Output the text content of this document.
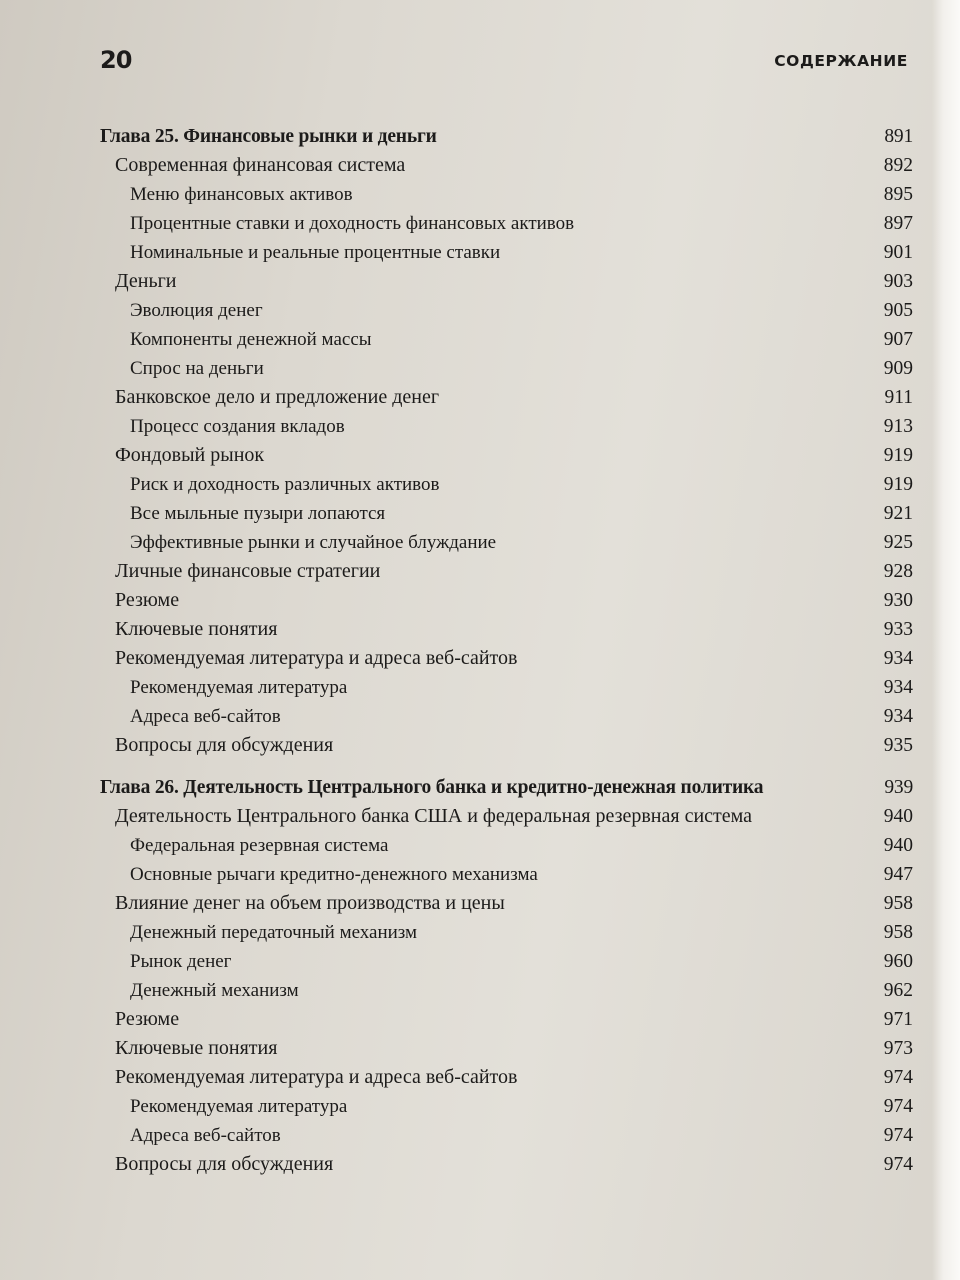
20	СОДЕРЖАНИЕ
Глава 25. Финансовые рынки и деньги	891
Современная финансовая система	892
Меню финансовых активов	895
Процентные ставки и доходность финансовых активов	897
Номинальные и реальные процентные ставки	901
Деньги	903
Эволюция денег	905
Компоненты денежной массы	907
Спрос на деньги	909
Банковское дело и предложение денег	911
Процесс создания вкладов	913
Фондовый рынок	919
Риск и доходность различных активов	919
Все мыльные пузыри лопаются	921
Эффективные рынки и случайное блуждание	925
Личные финансовые стратегии	928
Резюме	930
Ключевые понятия	933
Рекомендуемая литература и адреса веб-сайтов	934
Рекомендуемая литература	934
Адреса веб-сайтов	934
Вопросы для обсуждения	935
Глава 26. Деятельность Центрального банка и кредитно-денежная политика	939
Деятельность Центрального банка США и федеральная резервная система	940
Федеральная резервная система	940
Основные рычаги кредитно-денежного механизма	947
Влияние денег на объем производства и цены	958
Денежный передаточный механизм	958
Рынок денег	960
Денежный механизм	962
Резюме	971
Ключевые понятия	973
Рекомендуемая литература и адреса веб-сайтов	974
Рекомендуемая литература	974
Адреса веб-сайтов	974
Вопросы для обсуждения	974
